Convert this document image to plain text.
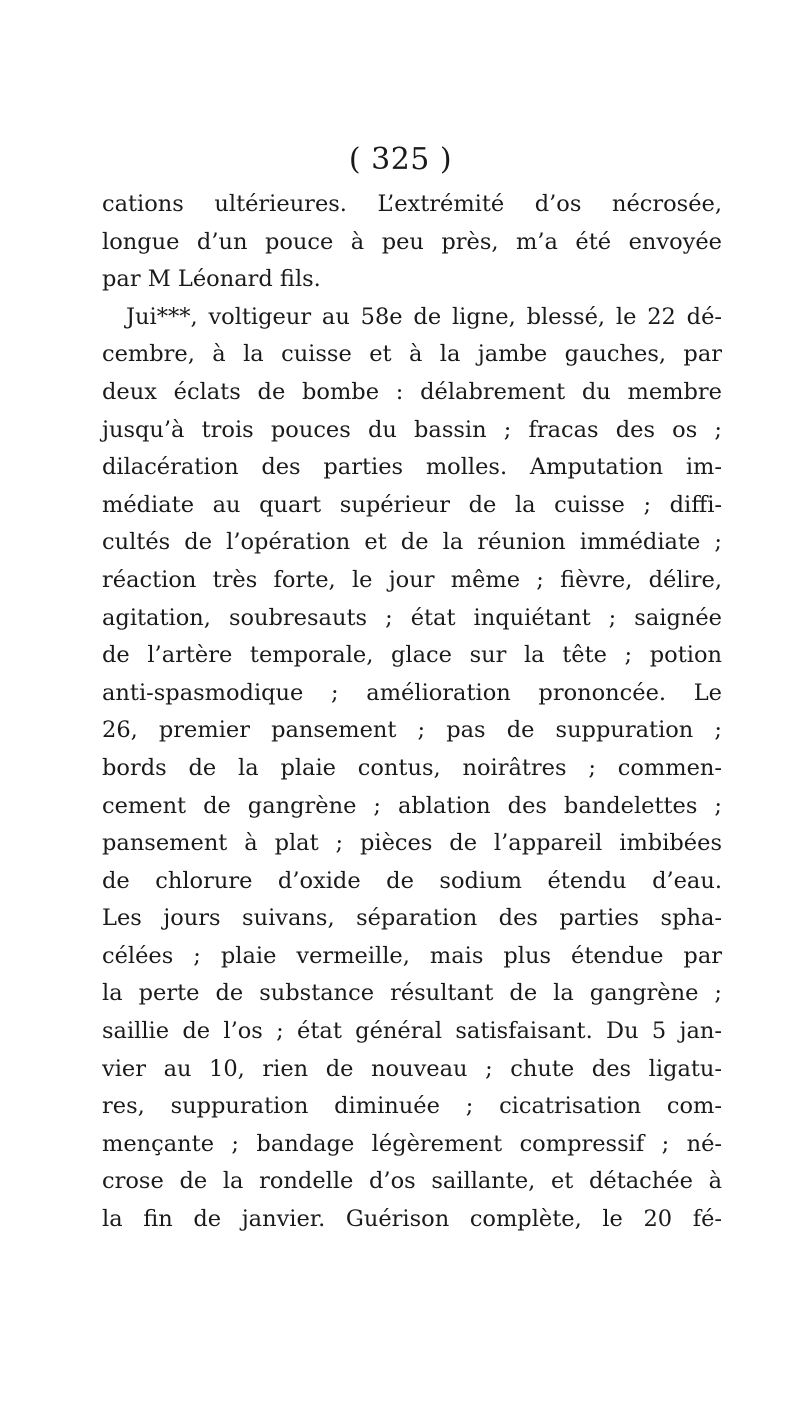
( 325 )
cations ultérieures. L’extrémité d’os nécrosée,
longue d’un pouce à peu près, m’a été envoyée
par M Léonard fils.
Jui***, voltigeur au 58e de ligne, blessé, le 22 dé-
cembre, à la cuisse et à la jambe gauches, par
deux éclats de bombe : délabrement du membre
jusqu’à trois pouces du bassin ; fracas des os ;
dilacération des parties molles. Amputation im-
médiate au quart supérieur de la cuisse ; diffi-
cultés de l’opération et de la réunion immédiate ;
réaction très forte, le jour même ; fièvre, délire,
agitation, soubresauts ; état inquiétant ; saignée
de l’artère temporale, glace sur la tête ; potion
anti-spasmodique ; amélioration prononcée. Le
26, premier pansement ; pas de suppuration ;
bords de la plaie contus, noirâtres ; commen-
cement de gangrène ; ablation des bandelettes ;
pansement à plat ; pièces de l’appareil imbibées
de chlorure d’oxide de sodium étendu d’eau.
Les jours suivans, séparation des parties spha-
célées ; plaie vermeille, mais plus étendue par
la perte de substance résultant de la gangrène ;
saillie de l’os ; état général satisfaisant. Du 5 jan-
vier au 10, rien de nouveau ; chute des ligatu-
res, suppuration diminuée ; cicatrisation com-
mençante ; bandage légèrement compressif ; né-
crose de la rondelle d’os saillante, et détachée à
la fin de janvier. Guérison complète, le 20 fé-
